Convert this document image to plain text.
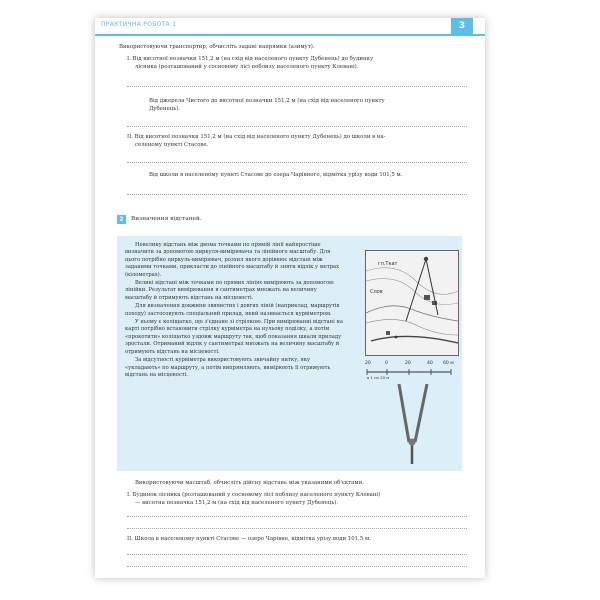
ПРАКТИЧНА РОБОТА 1	3
Використовуючи транспортир, обчисліть задані напрямки (азимут).
I. Від висотної позначки 151,2 м (на схід від населеного пункту Дубенець) до будинку
лісника (розташований у сосновому лісі поблизу населеного пункту Клевані).
Від джерела Чистого до висотної позначки 151,2 м (на схід від населеного пункту
Дубенець).
II. Від висотної позначки 151,2 м (на схід від населеного пункту Дубенець) до школи в на-
селеному пункті Стасове.
Від школи в населеному пункті Стасове до озера Чарівного, відмітка урізу води 101,5 м.
2	Визначення відстаней.

Невелику відстань між двома точками по прямій лінії найпростіше визначити за допомогою циркуля-вимірювача та лінійного масштабу. Для цього потрібно циркуль-вимірювач, розхил якого дорівнює відстані між заданими точками, прикласти до лінійного масштабу й зняти відлік у метрах (кілометрах).

Великі відстані між точками по прямих лініях вимірюють за допомогою лінійки. Результат вимірювання в сантиметрах множать на величину масштабу й отримують відстань на місцевості.

Для визначення довжини звивистих і довгих ліній (наприклад, маршрутів походу) застосовують спеціальний прилад, який називається курвіметром.

У ньому є коліщатко, що з'єднане зі стрілкою. При вимірюванні відстані на карті потрібно встановити стрілку курвіметра на нульову поділку, а потім «прокотити» коліщатко уздовж маршруту так, щоб показання шкали приладу зростали. Отриманий відлік у сантиметрах множать на величину масштабу й отримують відстань на місцевості.

За відсутності курвіметра використовують звичайну нитку, яку «укладають» по маршруту, а потім випрямляють, вимірюють її отримують відстань на місцевості.

гл.Ткат
Слов
20	0	20	40 60 м
в 1 см 20 м
Використовуючи масштаб, обчисліть дійсну відстань між указаними об'єктами.
I. Будинок лісника (розташований у сосновому лісі поблизу населеного пункту Клевані)
— висотна позначка 151,2 м (на схід від населеного пункту Дубенець).
II. Школа в населеному пункті Стасове — озеро Чарівне, відмітка урізу води 101,5 м.
